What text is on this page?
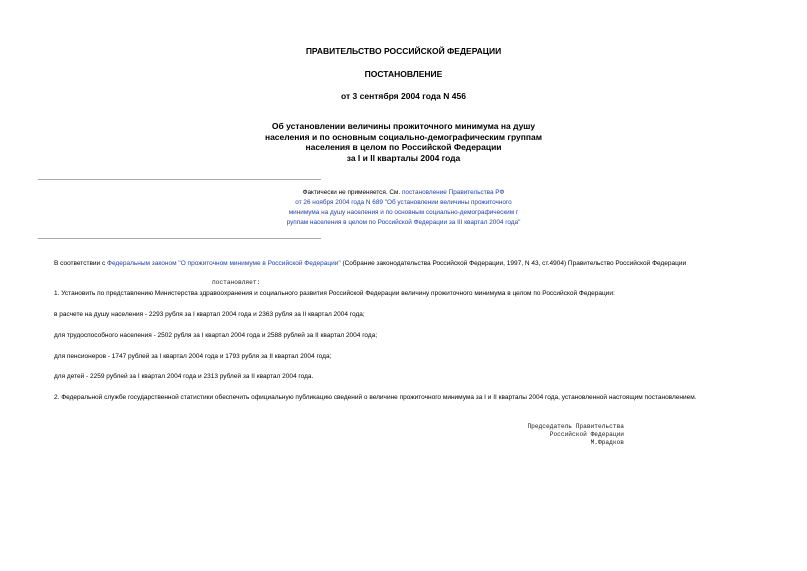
ПРАВИТЕЛЬСТВО РОССИЙСКОЙ ФЕДЕРАЦИИ
ПОСТАНОВЛЕНИЕ
от 3 сентября 2004 года N 456
Об установлении величины прожиточного минимума на душу
населения и по основным социально-демографическим группам
населения в целом по Российской Федерации
за I и II кварталы 2004 года
Фактически не применяется. См. постановление Правительства РФ
от 26 ноября 2004 года N 689 "Об установлении величины прожиточного
минимума на душу населения и по основным социально-демографическим г
руппам населения в целом по Российской Федерации за III квартал 2004 года"
В соответствии с Федеральным законом "О прожиточном минимуме в Российской Федерации" (Собрание законодательства Российской Федерации, 1997, N 43, ст.4904) Правительство Российской Федерации
постановляет:
1. Установить по представлению Министерства здравоохранения и социального развития Российской Федерации величину прожиточного минимума в целом по Российской Федерации:
в расчете на душу населения - 2293 рубля за I квартал 2004 года и 2363 рубля за II квартал 2004 года;
для трудоспособного населения - 2502 рубля за I квартал 2004 года и 2588 рублей за II квартал 2004 года;
для пенсионеров - 1747 рублей за I квартал 2004 года и 1793 рубля за II квартал 2004 года;
для детей - 2259 рублей за I квартал 2004 года и 2313 рублей за II квартал 2004 года.
2. Федеральной службе государственной статистики обеспечить официальную публикацию сведений о величине прожиточного минимума за I и II кварталы 2004 года, установленной настоящим постановлением.
Председатель Правительства
Российской Федерации
М.Фрадков
